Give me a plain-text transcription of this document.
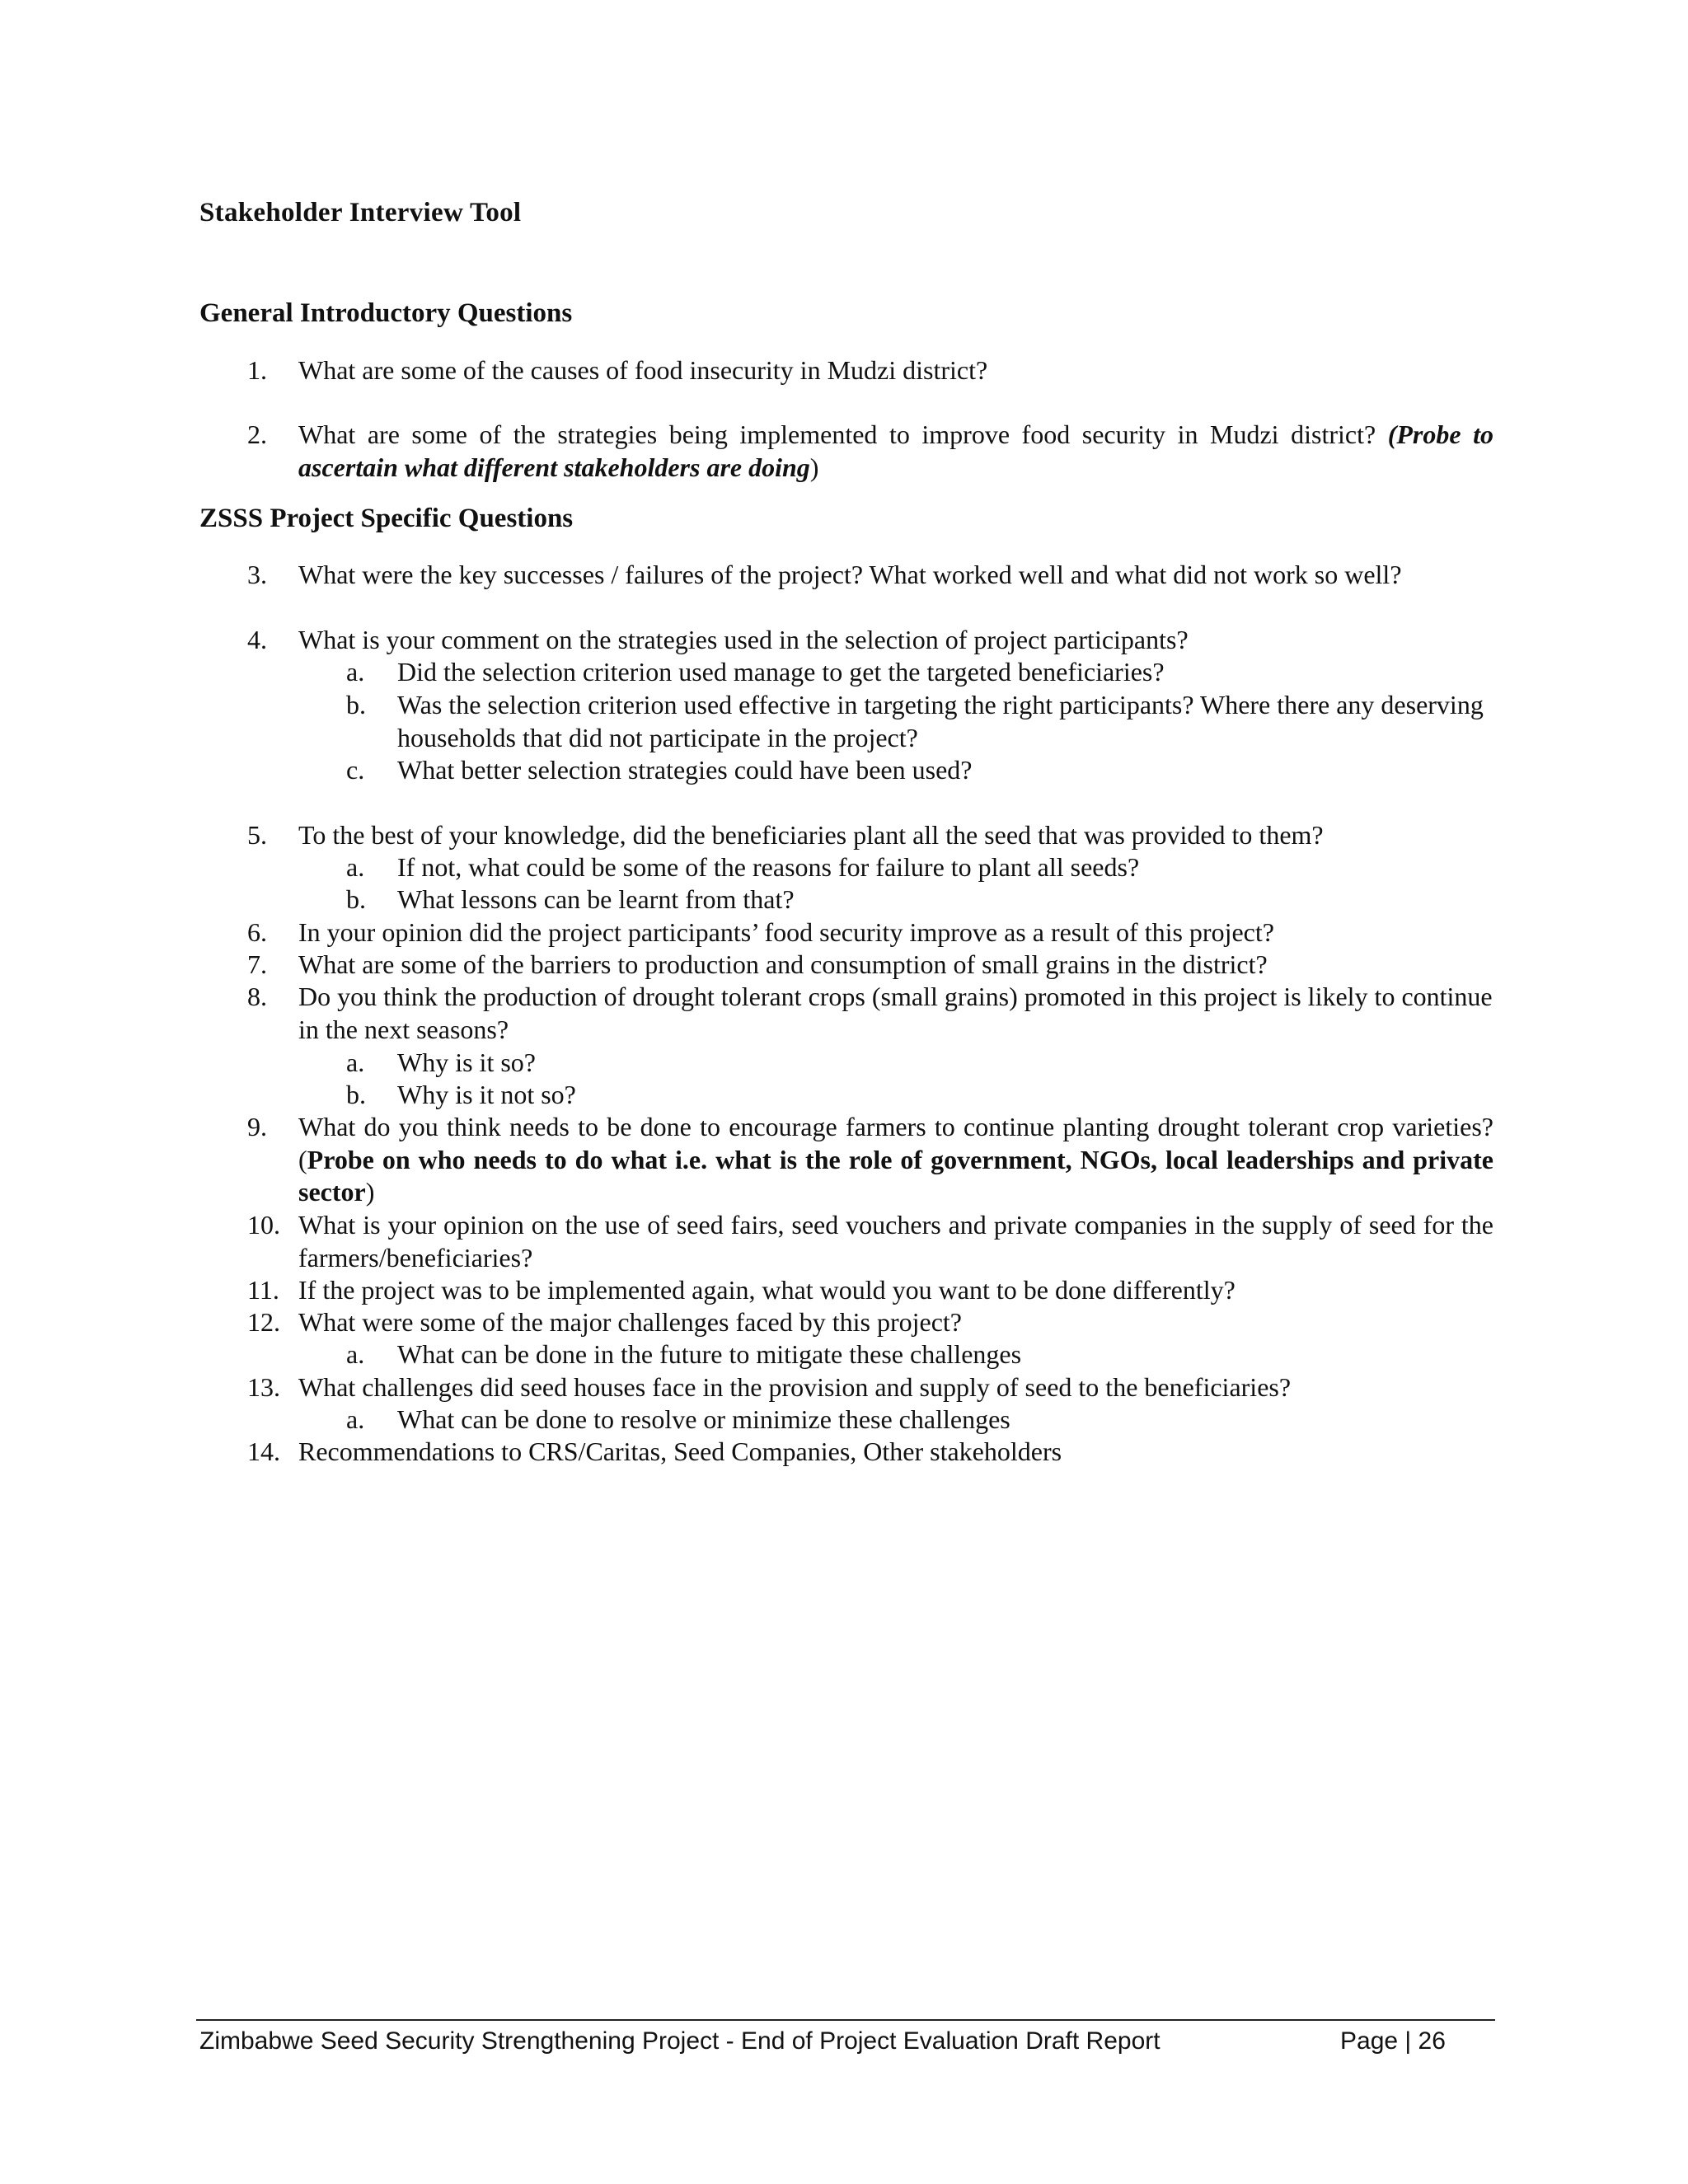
Stakeholder Interview Tool
General Introductory Questions
1.	What are some of the causes of food insecurity in Mudzi district?
2.	What are some of the strategies being implemented to improve food security in Mudzi district? (Probe to ascertain what different stakeholders are doing)
ZSSS Project Specific Questions
3.	What were the key successes / failures of the project? What worked well and what did not work so well?
4.	What is your comment on the strategies used in the selection of project participants?
a.	Did the selection criterion used manage to get the targeted beneficiaries?
b.	Was the selection criterion used effective in targeting the right participants? Where there any deserving households that did not participate in the project?
c.	What better selection strategies could have been used?
5.	To the best of your knowledge, did the beneficiaries plant all the seed that was provided to them?
a.	If not, what could be some of the reasons for failure to plant all seeds?
b.	What lessons can be learnt from that?
6.	In your opinion did the project participants’ food security improve as a result of this project?
7.	What are some of the barriers to production and consumption of small grains in the district?
8.	Do you think the production of drought tolerant crops (small grains) promoted in this project is likely to continue in the next seasons?
a.	Why is it so?
b.	Why is it not so?
9.	What do you think needs to be done to encourage farmers to continue planting drought tolerant crop varieties? (Probe on who needs to do what i.e. what is the role of government, NGOs, local leaderships and private sector)
10. What is your opinion on the use of seed fairs, seed vouchers and private companies in the supply of seed for the farmers/beneficiaries?
11. If the project was to be implemented again, what would you want to be done differently?
12. What were some of the major challenges faced by this project?
a.	What can be done in the future to mitigate these challenges
13. What challenges did seed houses face in the provision and supply of seed to the beneficiaries?
a.	What can be done to resolve or minimize these challenges
14. Recommendations to CRS/Caritas, Seed Companies, Other stakeholders
Zimbabwe Seed Security Strengthening Project - End of Project Evaluation Draft Report	Page | 26
